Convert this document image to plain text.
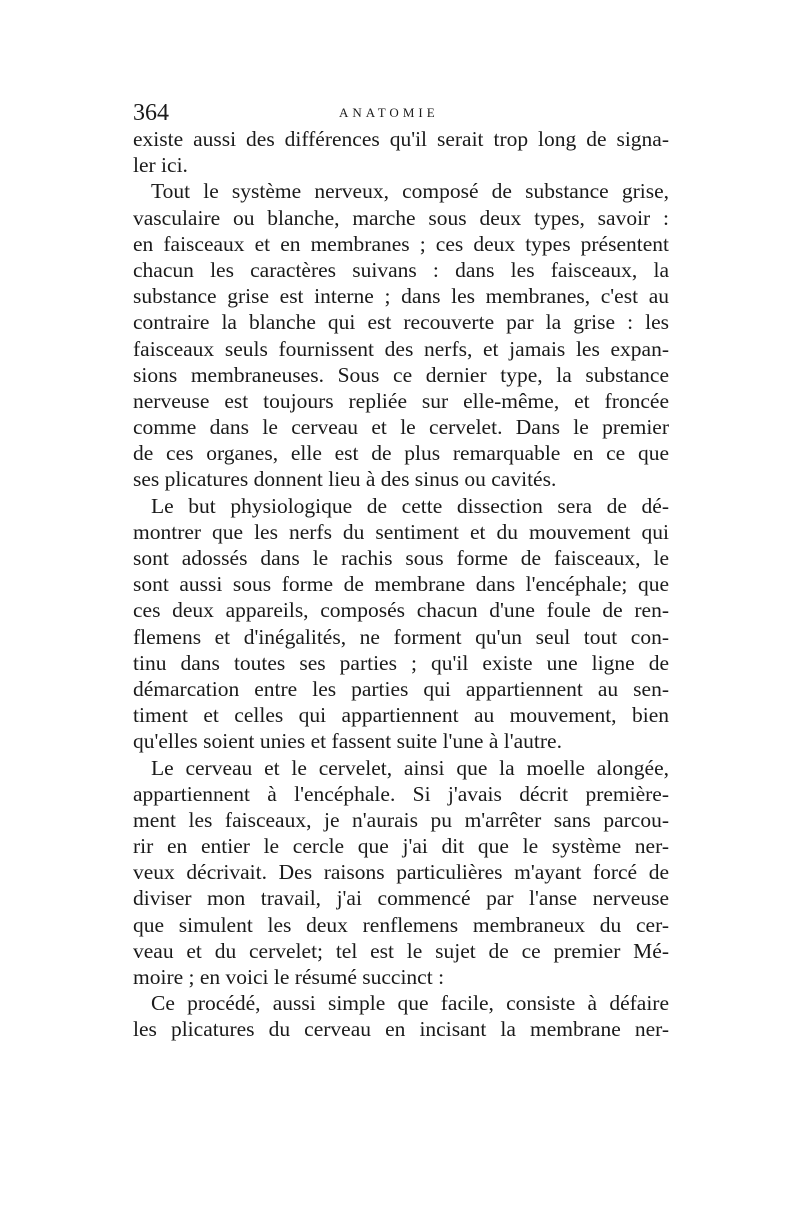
364	ANATOMIE
existe aussi des différences qu'il serait trop long de signa-
ler ici.
Tout le système nerveux, composé de substance grise,
vasculaire ou blanche, marche sous deux types, savoir :
en faisceaux et en membranes ; ces deux types présentent
chacun les caractères suivans : dans les faisceaux, la
substance grise est interne ; dans les membranes, c'est au
contraire la blanche qui est recouverte par la grise : les
faisceaux seuls fournissent des nerfs, et jamais les expan-
sions membraneuses. Sous ce dernier type, la substance
nerveuse est toujours repliée sur elle-même, et froncée
comme dans le cerveau et le cervelet. Dans le premier
de ces organes, elle est de plus remarquable en ce que
ses plicatures donnent lieu à des sinus ou cavités.
Le but physiologique de cette dissection sera de dé-
montrer que les nerfs du sentiment et du mouvement qui
sont adossés dans le rachis sous forme de faisceaux, le
sont aussi sous forme de membrane dans l'encéphale; que
ces deux appareils, composés chacun d'une foule de ren-
flemens et d'inégalités, ne forment qu'un seul tout con-
tinu dans toutes ses parties ; qu'il existe une ligne de
démarcation entre les parties qui appartiennent au sen-
timent et celles qui appartiennent au mouvement, bien
qu'elles soient unies et fassent suite l'une à l'autre.
Le cerveau et le cervelet, ainsi que la moelle alongée,
appartiennent à l'encéphale. Si j'avais décrit première-
ment les faisceaux, je n'aurais pu m'arrêter sans parcou-
rir en entier le cercle que j'ai dit que le système ner-
veux décrivait. Des raisons particulières m'ayant forcé de
diviser mon travail, j'ai commencé par l'anse nerveuse
que simulent les deux renflemens membraneux du cer-
veau et du cervelet; tel est le sujet de ce premier Mé-
moire ; en voici le résumé succinct :
Ce procédé, aussi simple que facile, consiste à défaire
les plicatures du cerveau en incisant la membrane ner-
